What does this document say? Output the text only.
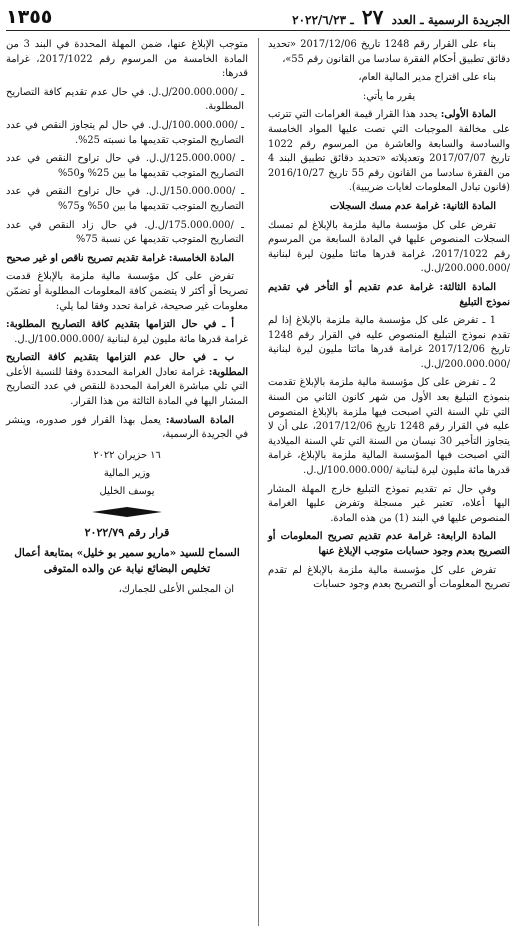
الجريدة الرسمية ـ العدد ٢٧ ـ ٢٠٢٢/٦/٢٣
١٣٥٥

بناء على القرار رقم 1248 تاريخ 2017/12/06 «تحديد دقائق تطبيق أحكام الفقرة سادسا من القانون رقم 55»،

بناء على اقتراح مدير المالية العام،

يقرر ما يأتي:

المادة الأولى: يحدد هذا القرار قيمة الغرامات التي تترتب على مخالفة الموجبات التي نصت عليها المواد الخامسة والسادسة والسابعة والعاشرة من المرسوم رقم 1022 تاريخ 2017/07/07 وتعديلاته «تحديد دقائق تطبيق البند 4 من الفقرة سادسا من القانون رقم 55 تاريخ 2016/10/27 (قانون تبادل المعلومات لغايات ضريبية).

المادة الثانية: غرامة عدم مسك السجلات

تفرض على كل مؤسسة مالية ملزمة بالإبلاغ لم تمسك السجلات المنصوص عليها في المادة السابعة من المرسوم رقم 2017/1022، غرامة قدرها مائتا مليون ليرة لبنانية /200.000.000/ل.ل.

المادة الثالثة: غرامة عدم تقديم أو التأخر في تقديم نموذج التبليغ

1 ـ تفرض على كل مؤسسة مالية ملزمة بالإبلاغ إذا لم تقدم نموذج التبليغ المنصوص عليه في القرار رقم 1248 تاريخ 2017/12/06 غرامة قدرها مائتا مليون ليرة لبنانية /200.000.000/ل.ل.

2 ـ تفرض على كل مؤسسة مالية ملزمة بالإبلاغ تقدمت بنموذج التبليغ بعد الأول من شهر كانون الثاني من السنة التي تلي السنة التي اصبحت فيها ملزمة بالإبلاغ المنصوص عليه في القرار رقم 1248 تاريخ 2017/12/06، على أن لا يتجاوز التأخير 30 نيسان من السنة التي تلي السنة الميلادية التي اصبحت فيها المؤسسة المالية ملزمة بالإبلاغ، غرامة قدرها مائة مليون ليرة لبنانية /100.000.000/ل.ل.

وفي حال تم تقديم نموذج التبليغ خارج المهلة المشار اليها أعلاه، تعتبر غير مسجلة وتفرض عليها الغرامة المنصوص عليها في البند (1) من هذه المادة.

المادة الرابعة: غرامة عدم تقديم تصريح المعلومات أو التصريح بعدم وجود حسابات متوجب الإبلاغ عنها

تفرض على كل مؤسسة مالية ملزمة بالإبلاغ لم تقدم تصريح المعلومات أو التصريح بعدم وجود حسابات

متوجب الإبلاغ عنها، ضمن المهلة المحددة في البند 3 من المادة الخامسة من المرسوم رقم 2017/1022، غرامة قدرها:

ـ /200.000.000/ل.ل. في حال عدم تقديم كافة التصاريح المطلوبة.

ـ /100.000.000/ل.ل. في حال لم يتجاوز النقص في عدد التصاريح المتوجب تقديمها ما نسبته 25%.

ـ /125.000.000/ل.ل. في حال تراوح النقص في عدد التصاريح المتوجب تقديمها ما بين 25% و50%

ـ /150.000.000/ل.ل. في حال تراوح النقص في عدد التصاريح المتوجب تقديمها ما بين 50% و75%

ـ /175.000.000/ل.ل. في حال زاد النقص في عدد التصاريح المتوجب تقديمها عن نسبة 75%

المادة الخامسة: غرامة تقديم تصريح ناقص او غير صحيح

تفرض على كل مؤسسة مالية ملزمة بالإبلاغ قدمت تصريحا أو أكثر لا يتضمن كافة المعلومات المطلوبة أو تضمّن معلومات غير صحيحة، غرامة تحدد وفقا لما يلي:

أ ـ في حال التزامها بتقديم كافة التصاريح المطلوبة: غرامة قدرها مائة مليون ليرة لبنانية /100.000.000/ل.ل.

ب ـ في حال عدم التزامها بتقديم كافة التصاريح المطلوبة: غرامة تعادل الغرامة المحددة وفقا للنسبة الأعلى التي تلي مباشرة الغرامة المحددة للنقص في عدد التصاريح المشار اليها في المادة الثالثة من هذا القرار.

المادة السادسة: يعمل بهذا القرار فور صدوره، وينشر في الجريدة الرسمية،

١٦ حزيران ٢٠٢٢

وزير المالية

يوسف الخليل

قرار رقم ٢٠٢٢/٧٩

السماح للسيد «ماريو سمير بو خليل» بمتابعة أعمال تخليص البضائع نيابة عن والده المتوفى

ان المجلس الأعلى للجمارك،
